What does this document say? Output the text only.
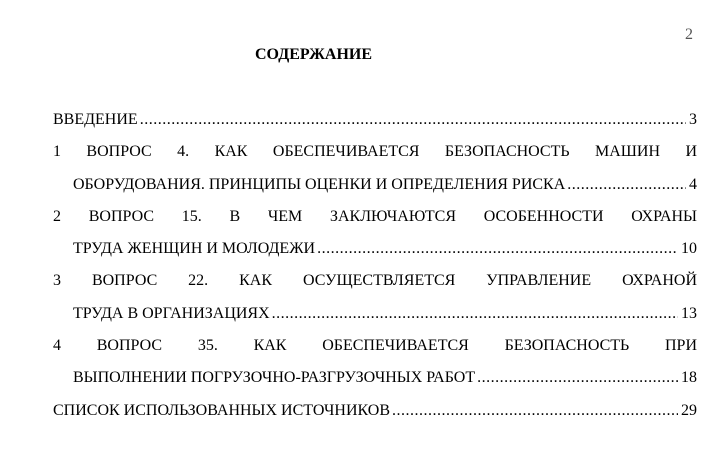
2
СОДЕРЖАНИЕ
ВВЕДЕНИЕ .....	3
1 ВОПРОС 4. КАК ОБЕСПЕЧИВАЕТСЯ БЕЗОПАСНОСТЬ МАШИН И
ОБОРУДОВАНИЯ. ПРИНЦИПЫ ОЦЕНКИ И ОПРЕДЕЛЕНИЯ РИСКА .....	4
2 ВОПРОС 15. В ЧЕМ ЗАКЛЮЧАЮТСЯ ОСОБЕННОСТИ ОХРАНЫ
ТРУДА ЖЕНЩИН И МОЛОДЕЖИ .....	10
3 ВОПРОС 22. КАК ОСУЩЕСТВЛЯЕТСЯ УПРАВЛЕНИЕ ОХРАНОЙ
ТРУДА В ОРГАНИЗАЦИЯХ .....	13
4 ВОПРОС 35. КАК ОБЕСПЕЧИВАЕТСЯ БЕЗОПАСНОСТЬ ПРИ
ВЫПОЛНЕНИИ ПОГРУЗОЧНО-РАЗГРУЗОЧНЫХ РАБОТ .....	18
СПИСОК ИСПОЛЬЗОВАННЫХ ИСТОЧНИКОВ .....	29
